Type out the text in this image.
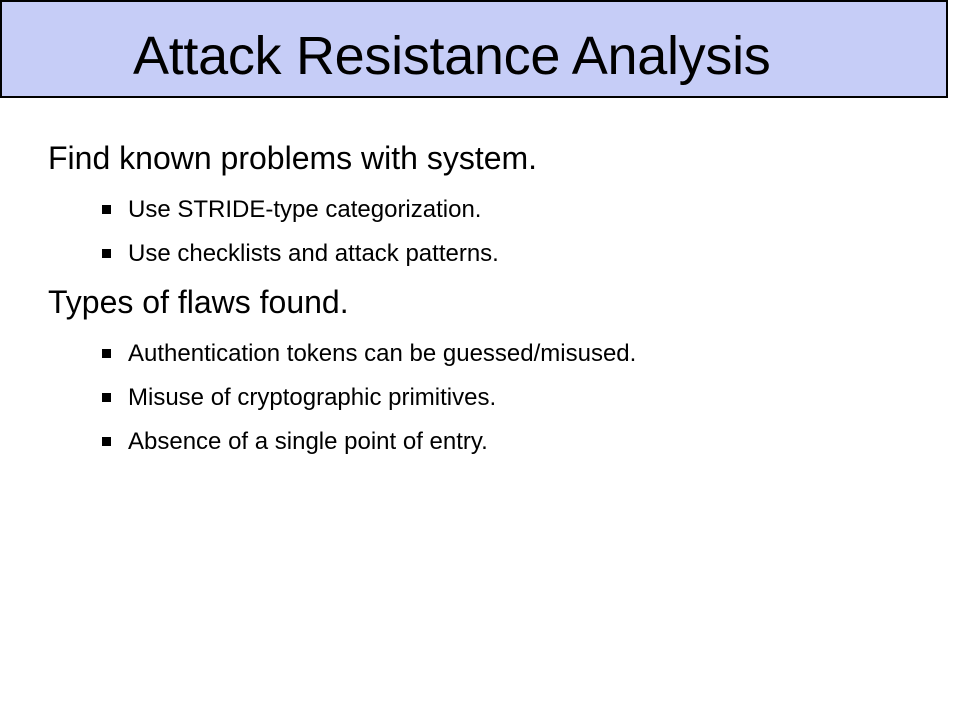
Attack Resistance Analysis
Find known problems with system.
Use STRIDE-type categorization.
Use checklists and attack patterns.
Types of flaws found.
Authentication tokens can be guessed/misused.
Misuse of cryptographic primitives.
Absence of a single point of entry.
